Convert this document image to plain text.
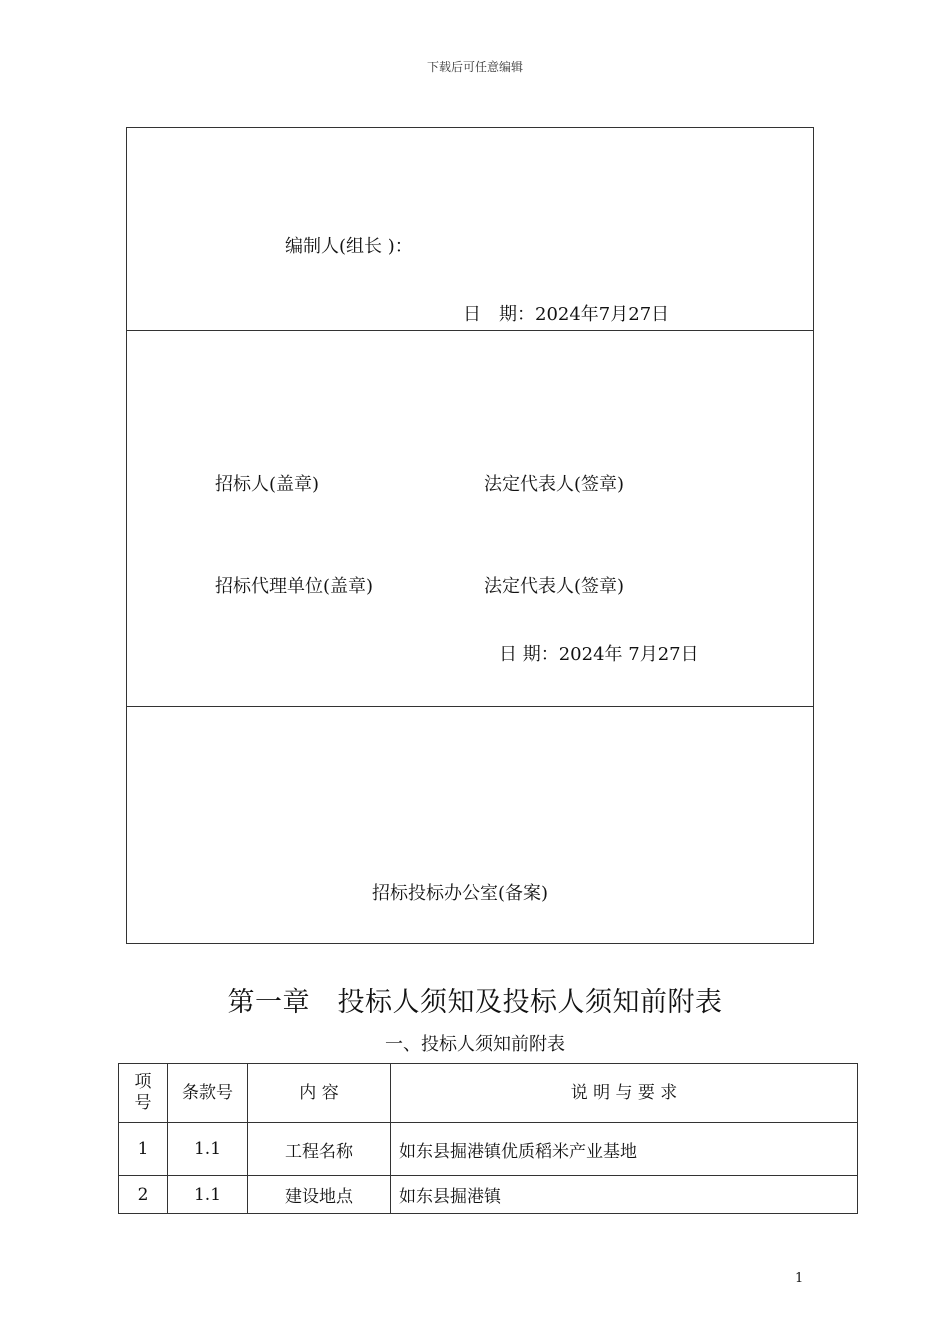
下载后可任意编辑
编制人(组长 )：
日　期：2024年7月27日
招标人(盖章)	法定代表人(签章)
招标代理单位(盖章)	法定代表人(签章)
日 期：2024年 7月27日
招标投标办公室(备案)
第一章　投标人须知及投标人须知前附表
一、投标人须知前附表
项号	条款号	内 容	说 明 与 要 求
1	1.1	工程名称	如东县掘港镇优质稻米产业基地
2	1.1	建设地点	如东县掘港镇
1
